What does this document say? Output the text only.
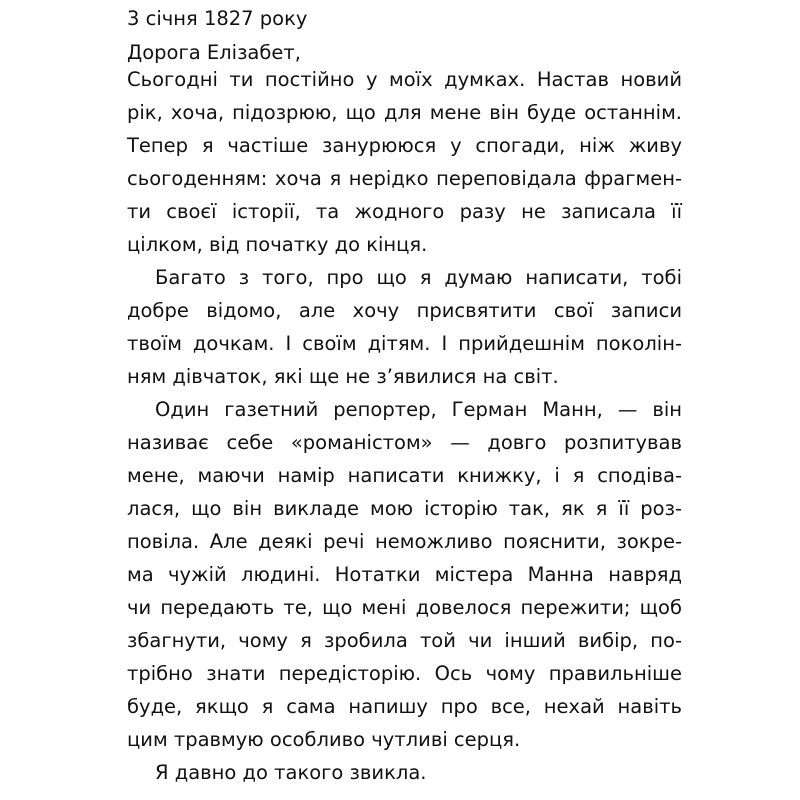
3 січня 1827 року
Дорога Елізабет,
Сьогодні ти постійно у моїх думках. Настав новий
рік, хоча, підозрюю, що для мене він буде останнім.
Тепер я частіше занурююся у спогади, ніж живу
сьогоденням: хоча я нерідко переповідала фрагмен-
ти своєї історії, та жодного разу не записала її
цілком, від початку до кінця.
Багато з того, про що я думаю написати, тобі
добре відомо, але хочу присвятити свої записи
твоїм дочкам. І своїм дітям. І прийдешнім поколін-
ням дівчаток, які ще не з’явилися на світ.
Один газетний репортер, Герман Манн, — він
називає себе «романістом» — довго розпитував
мене, маючи намір написати книжку, і я сподіва-
лася, що він викладе мою історію так, як я її роз-
повіла. Але деякі речі неможливо пояснити, зокре-
ма чужій людині. Нотатки містера Манна навряд
чи передають те, що мені довелося пережити; щоб
збагнути, чому я зробила той чи інший вибір, по-
трібно знати передісторію. Ось чому правильніше
буде, якщо я сама напишу про все, нехай навіть
цим травмую особливо чутливі серця.
Я давно до такого звикла.
